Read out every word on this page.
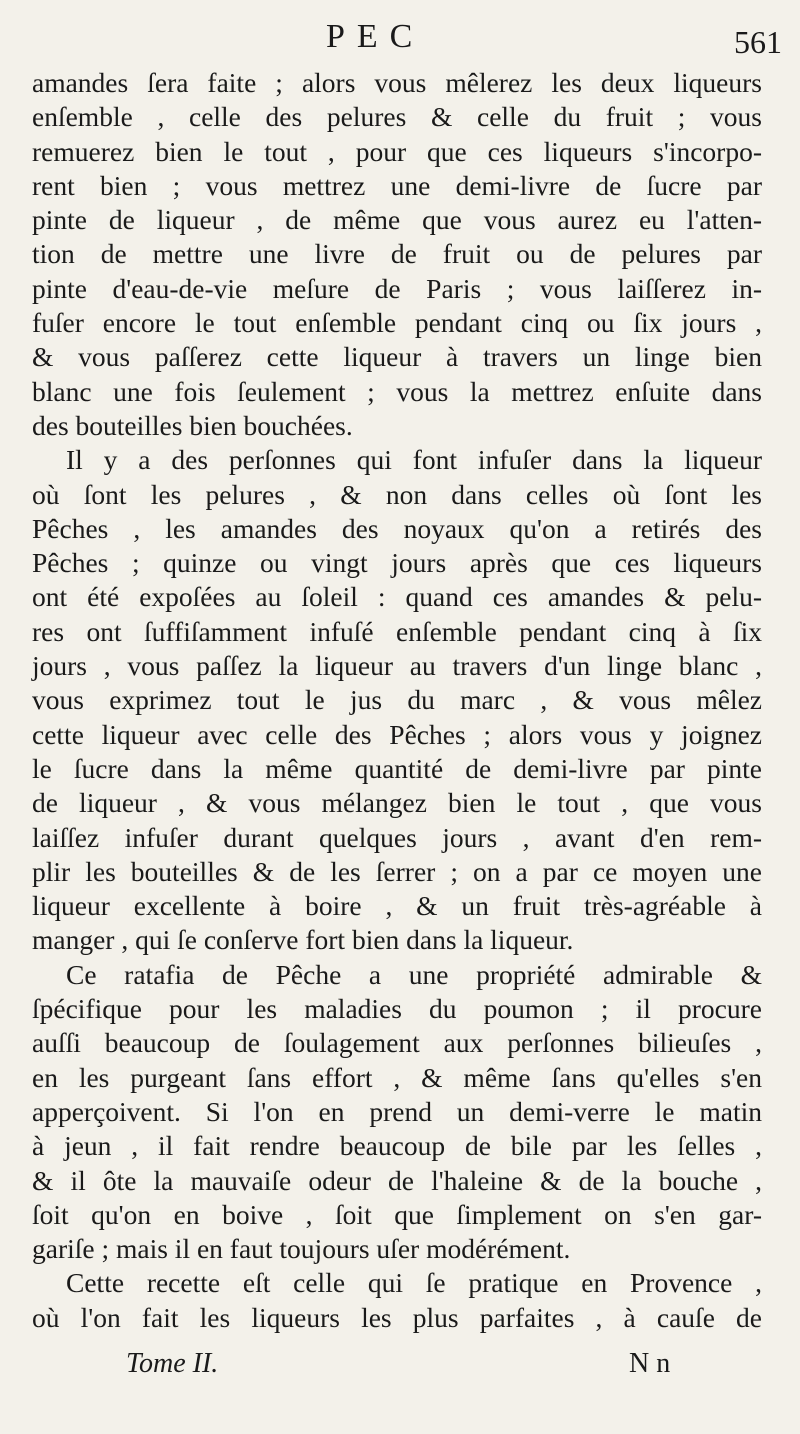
PEC	561

amandes ſera faite ; alors vous mêlerez les deux liqueurs
enſemble , celle des pelures & celle du fruit ; vous
remuerez bien le tout , pour que ces liqueurs s'incorpo-
rent bien ; vous mettrez une demi-livre de ſucre par
pinte de liqueur , de même que vous aurez eu l'atten-
tion de mettre une livre de fruit ou de pelures par
pinte d'eau-de-vie meſure de Paris ; vous laiſſerez in-
fuſer encore le tout enſemble pendant cinq ou ſix jours ,
& vous paſſerez cette liqueur à travers un linge bien
blanc une fois ſeulement ; vous la mettrez enſuite dans
des bouteilles bien bouchées.

Il y a des perſonnes qui font infuſer dans la liqueur
où ſont les pelures , & non dans celles où ſont les
Pêches , les amandes des noyaux qu'on a retirés des
Pêches ; quinze ou vingt jours après que ces liqueurs
ont été expoſées au ſoleil : quand ces amandes & pelu-
res ont ſuffiſamment infuſé enſemble pendant cinq à ſix
jours , vous paſſez la liqueur au travers d'un linge blanc ,
vous exprimez tout le jus du marc , & vous mêlez
cette liqueur avec celle des Pêches ; alors vous y joignez
le ſucre dans la même quantité de demi-livre par pinte
de liqueur , & vous mélangez bien le tout , que vous
laiſſez infuſer durant quelques jours , avant d'en rem-
plir les bouteilles & de les ſerrer ; on a par ce moyen une
liqueur excellente à boire , & un fruit très-agréable à
manger , qui ſe conſerve fort bien dans la liqueur.

Ce ratafia de Pêche a une propriété admirable &
ſpécifique pour les maladies du poumon ; il procure
auſſi beaucoup de ſoulagement aux perſonnes bilieuſes ,
en les purgeant ſans effort , & même ſans qu'elles s'en
apperçoivent. Si l'on en prend un demi-verre le matin
à jeun , il fait rendre beaucoup de bile par les ſelles ,
& il ôte la mauvaiſe odeur de l'haleine & de la bouche ,
ſoit qu'on en boive , ſoit que ſimplement on s'en gar-
gariſe ; mais il en faut toujours uſer modérément.

Cette recette eſt celle qui ſe pratique en Provence ,
où l'on fait les liqueurs les plus parfaites , à cauſe de

Tome II.	N n
